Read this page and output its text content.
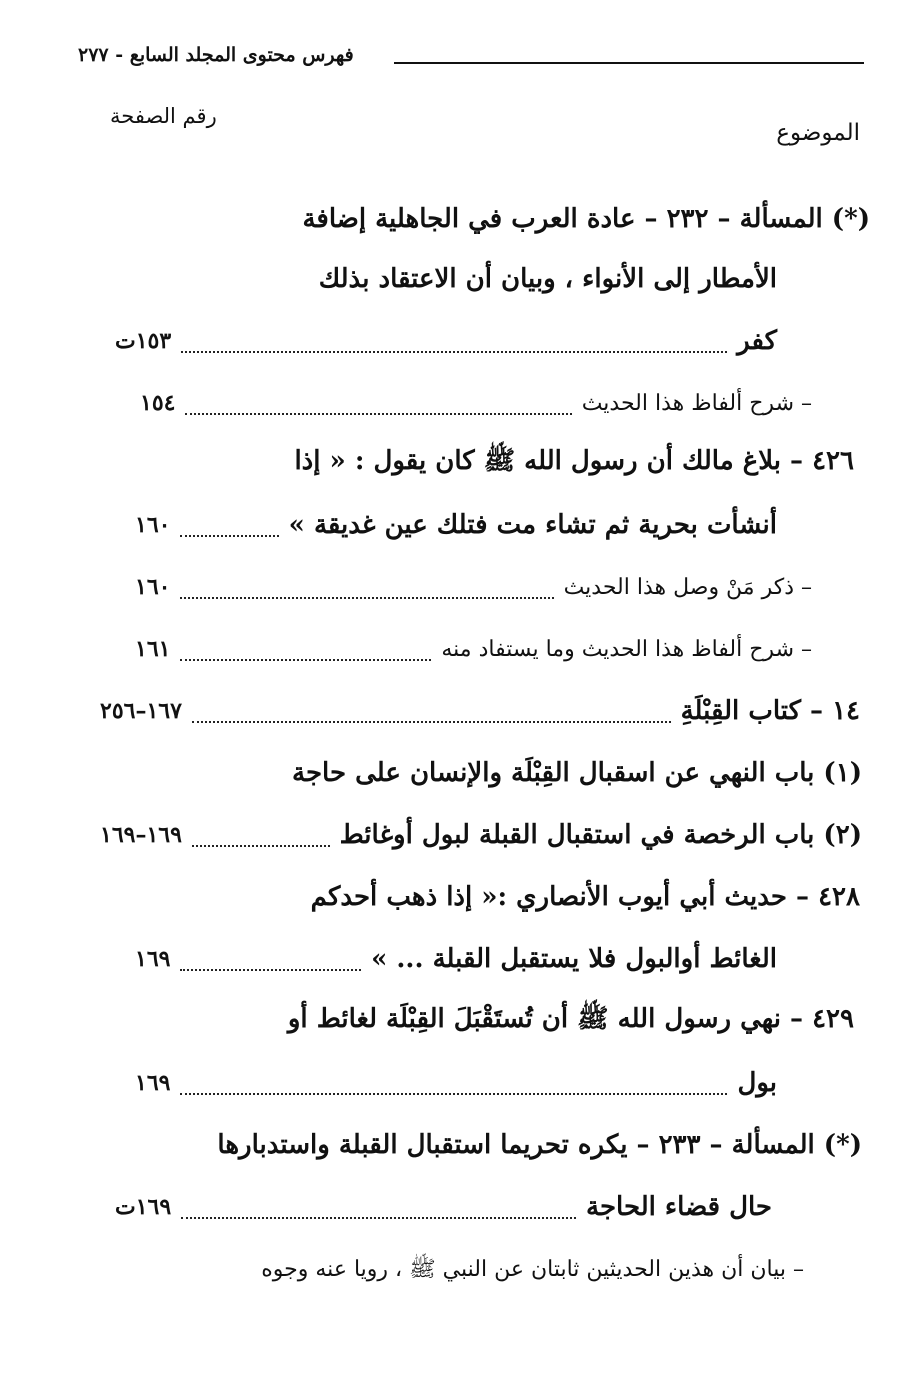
فهرس محتوى المجلد السابع - ٢٧٧
الموضوع
رقم الصفحة
(*) المسألة – ٢٣٢ – عادة العرب في الجاهلية إضافة
الأمطار إلى الأنواء ، وبيان أن الاعتقاد بذلك
كفر
١٥٣ت
– شرح ألفاظ هذا الحديث
١٥٤
٤٢٦ – بلاغ مالك أن رسول الله ﷺ كان يقول : « إذا
أنشأت بحرية ثم تشاء مت فتلك عين غديقة »
١٦٠
– ذكر مَنْ وصل هذا الحديث
١٦٠
– شرح ألفاظ هذا الحديث وما يستفاد منه
١٦١
١٤ – كتاب القِبْلَةِ
١٦٧–٢٥٦
(١) باب النهي عن اسقبال القِبْلَة والإنسان على حاجة
(٢) باب الرخصة في استقبال القبلة لبول أوغائط
١٦٩–١٦٩
٤٢٨ – حديث أبي أيوب الأنصاري :« إذا ذهب أحدكم
الغائط أوالبول فلا يستقبل القبلة ... »
١٦٩
٤٢٩ – نهي رسول الله ﷺ أن تُستَقْبَلَ القِبْلَة لغائط أو
بول
١٦٩
(*) المسألة – ٢٣٣ – يكره تحريما استقبال القبلة واستدبارها
حال قضاء الحاجة
١٦٩ت
– بيان أن هذين الحديثين ثابتان عن النبي ﷺ ، رويا عنه وجوه
